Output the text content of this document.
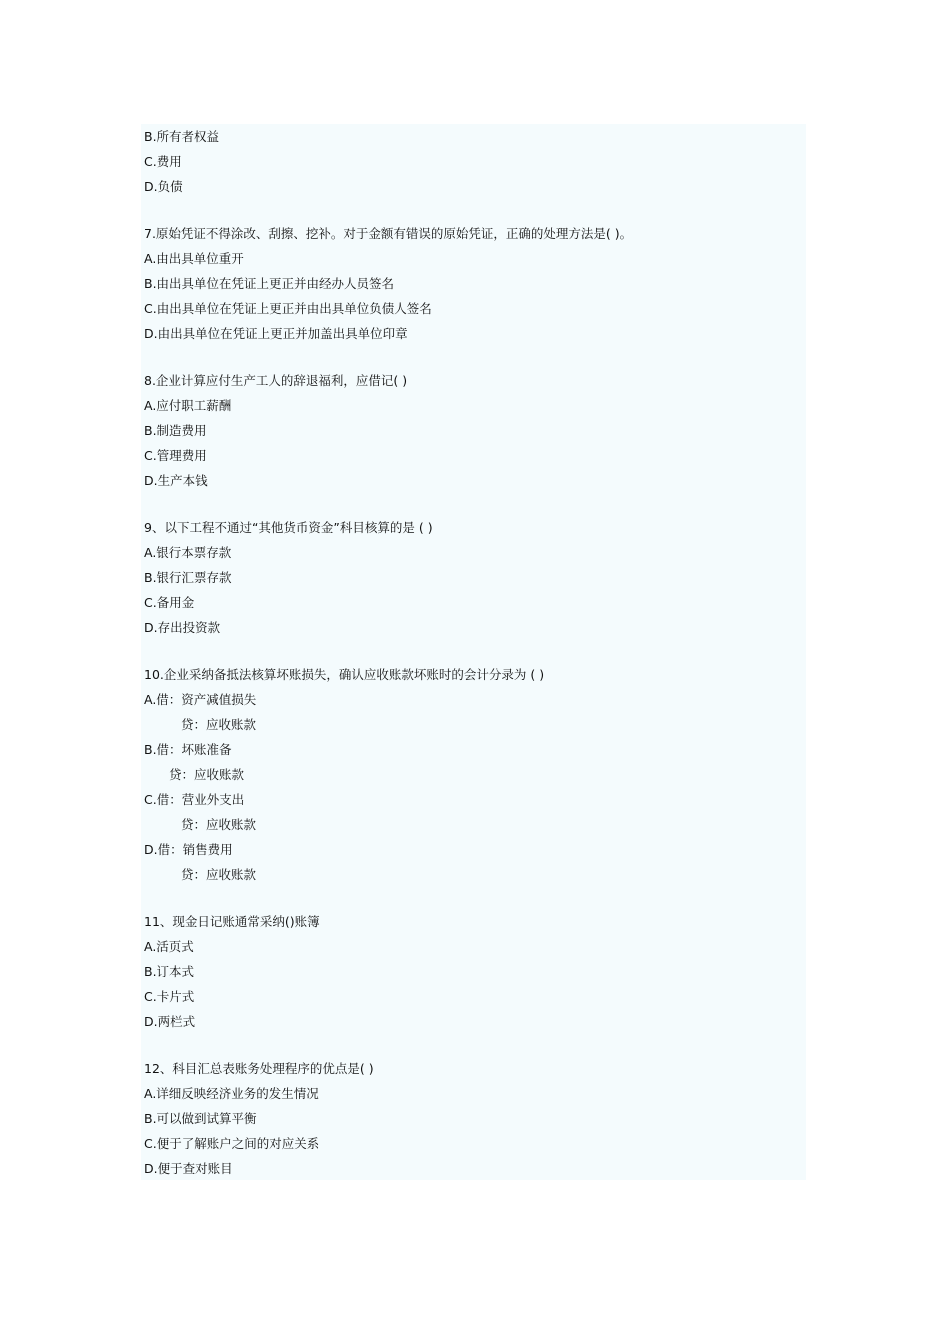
B.所有者权益
C.费用
D.负债
7.原始凭证不得涂改、刮擦、挖补。对于金额有错误的原始凭证，正确的处理方法是( )。
A.由出具单位重开
B.由出具单位在凭证上更正并由经办人员签名
C.由出具单位在凭证上更正并由出具单位负债人签名
D.由出具单位在凭证上更正并加盖出具单位印章
8.企业计算应付生产工人的辞退福利，应借记( )
A.应付职工薪酬
B.制造费用
C.管理费用
D.生产本钱
9、以下工程不通过“其他货币资金”科目核算的是 ( )
A.银行本票存款
B.银行汇票存款
C.备用金
D.存出投资款
10.企业采纳备抵法核算坏账损失，确认应收账款坏账时的会计分录为 ( )
A.借：资产减值损失
贷：应收账款
B.借：坏账准备
贷：应收账款
C.借：营业外支出
贷：应收账款
D.借：销售费用
贷：应收账款
11、现金日记账通常采纳()账簿
A.活页式
B.订本式
C.卡片式
D.两栏式
12、科目汇总表账务处理程序的优点是( )
A.详细反映经济业务的发生情况
B.可以做到试算平衡
C.便于了解账户之间的对应关系
D.便于查对账目
